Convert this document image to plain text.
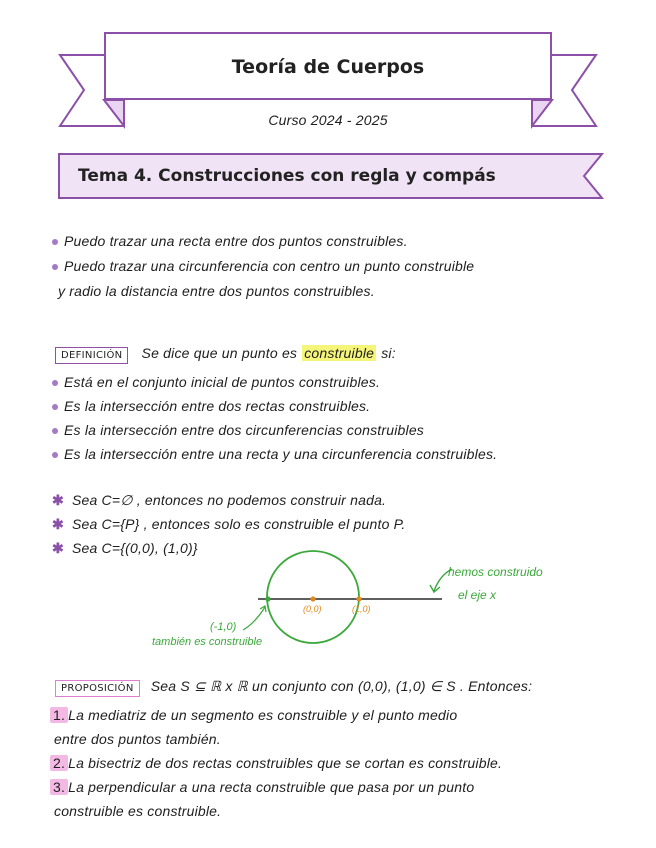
Teoría de Cuerpos
Curso 2024 - 2025
Tema 4. Construcciones con regla y compás
Puedo trazar una recta entre dos puntos construibles.
Puedo trazar una circunferencia con centro un punto construible
y radio la distancia entre dos puntos construibles.
DEFINICIÓN Se dice que un punto es construible si:
Está en el conjunto inicial de puntos construibles.
Es la intersección entre dos rectas construibles.
Es la intersección entre dos circunferencias construibles
Es la intersección entre una recta y una circunferencia construibles.
✱ Sea C=∅ , entonces no podemos construir nada.
✱ Sea C={P} , entonces solo es construible el punto P.
✱ Sea C={(0,0), (1,0)}
(0,0)	(1,0)
hemos construido
el eje x
(-1,0)
también es construible
PROPOSICIÓN Sea S ⊆ ℝ x ℝ un conjunto con (0,0), (1,0) ∈ S . Entonces:
1. La mediatriz de un segmento es construible y el punto medio
entre dos puntos también.
2. La bisectriz de dos rectas construibles que se cortan es construible.
3. La perpendicular a una recta construible que pasa por un punto
construible es construible.
